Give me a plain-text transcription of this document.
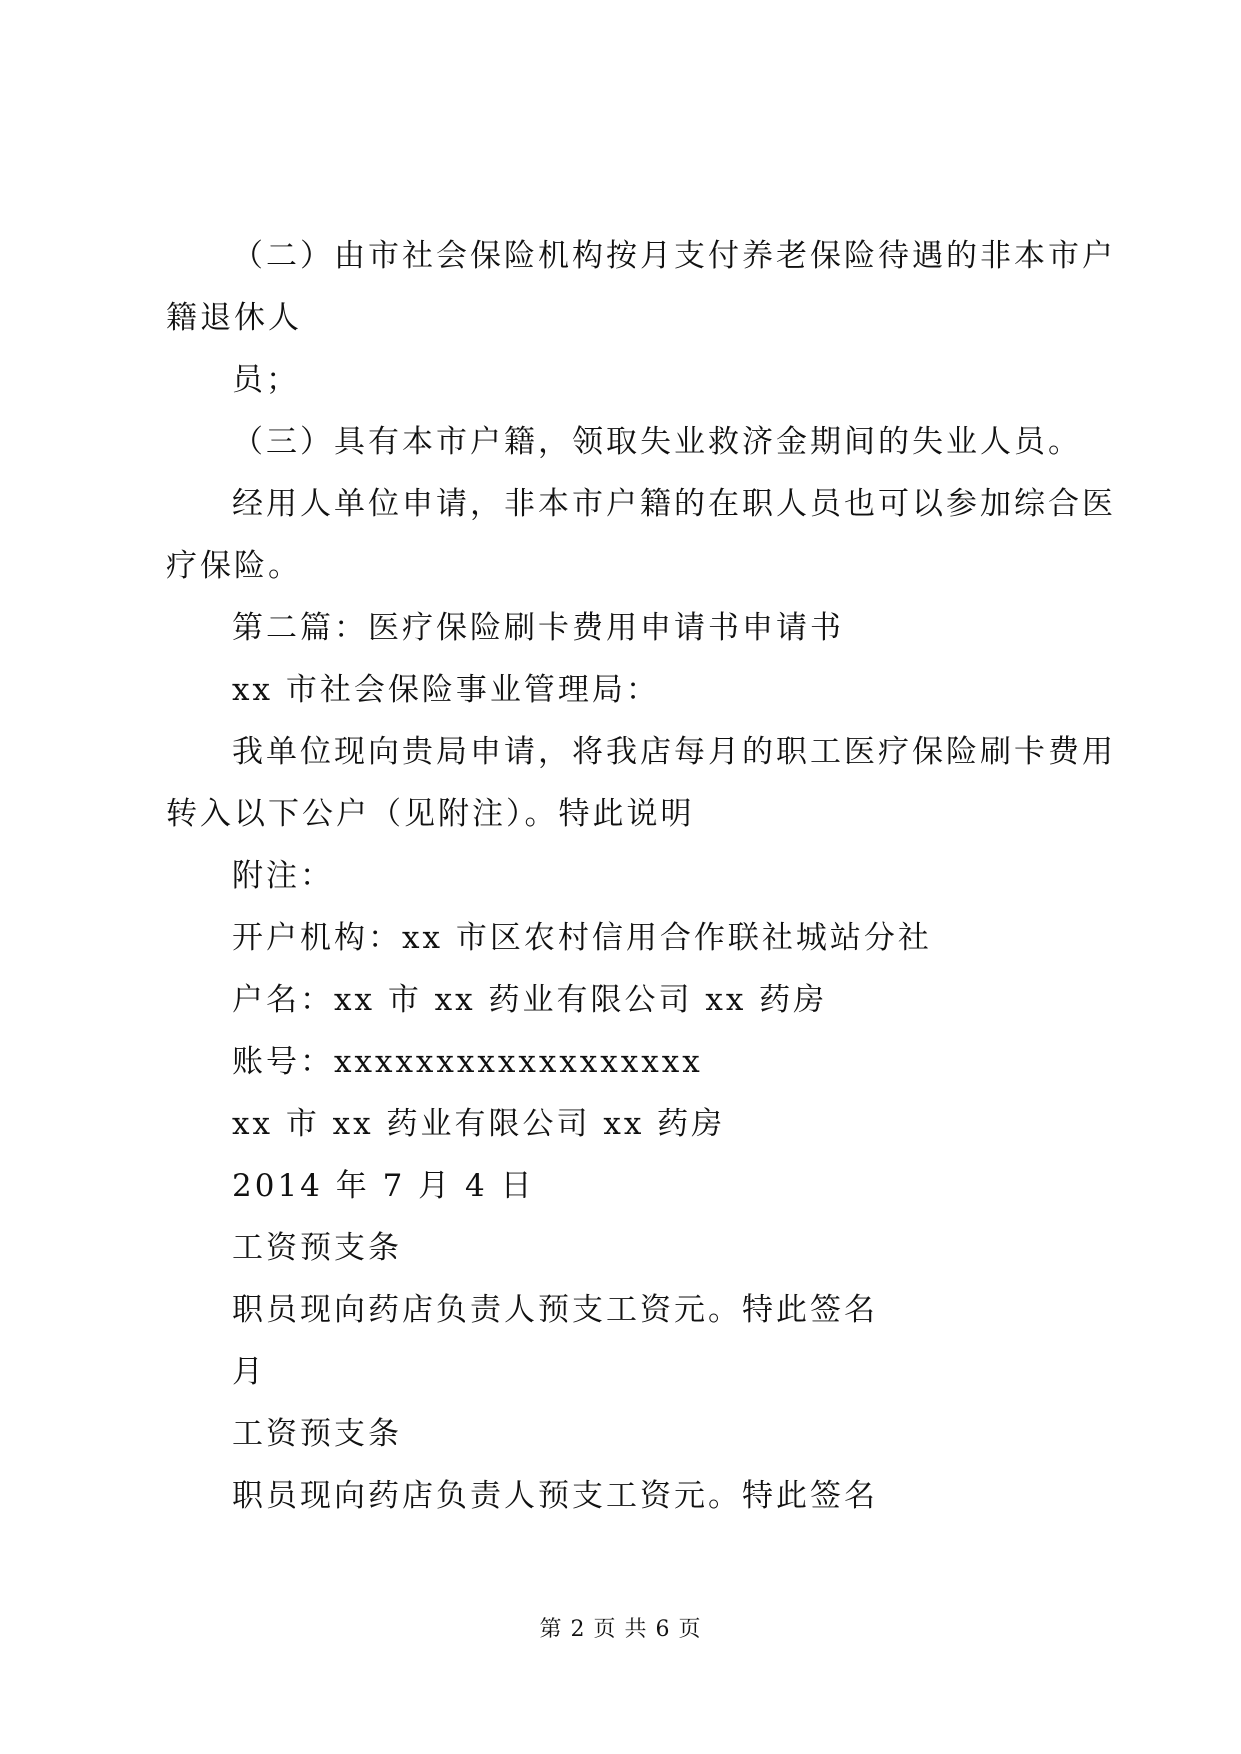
（二）由市社会保险机构按月支付养老保险待遇的非本市户
籍退休人
员；
（三）具有本市户籍，领取失业救济金期间的失业人员。
经用人单位申请，非本市户籍的在职人员也可以参加综合医
疗保险。
第二篇：医疗保险刷卡费用申请书申请书
xx 市社会保险事业管理局：
我单位现向贵局申请，将我店每月的职工医疗保险刷卡费用
转入以下公户（见附注）。特此说明
附注：
开户机构：xx 市区农村信用合作联社城站分社
户名：xx 市 xx 药业有限公司 xx 药房
账号：xxxxxxxxxxxxxxxxxx
xx 市 xx 药业有限公司 xx 药房
2014 年 7 月 4 日
工资预支条
职员现向药店负责人预支工资元。特此签名
月
工资预支条
职员现向药店负责人预支工资元。特此签名
第 2 页 共 6 页
